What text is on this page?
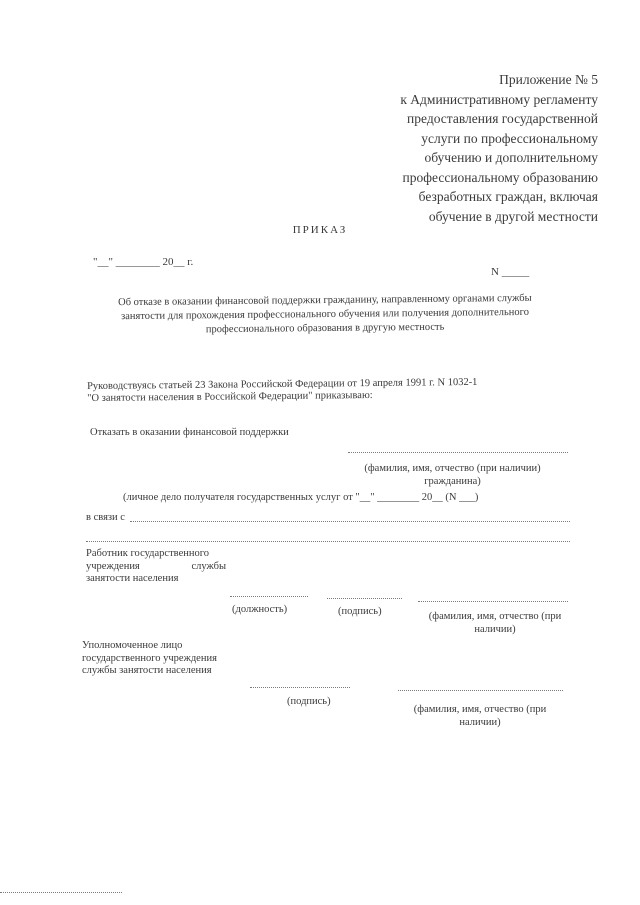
Приложение № 5
к Административному регламенту
предоставления государственной
услуги по профессиональному
обучению и дополнительному
профессиональному образованию
безработных граждан, включая
обучение в другой местности
ПРИКАЗ
"__" ________ 20__ г.
N _____
Об отказе в оказании финансовой поддержки гражданину, направленному органами службы занятости для прохождения профессионального обучения или получения дополнительного профессионального образования в другую местность
Руководствуясь статьей 23 Закона Российской Федерации от 19 апреля 1991 г. N 1032-1
"О занятости населения в Российской Федерации" приказываю:
Отказать в оказании финансовой поддержки
(фамилия, имя, отчество (при наличии) гражданина)
(личное дело получателя государственных услуг от "__" ________ 20__ (N ___)
в связи с
Работник государственного
учреждения службы
занятости населения
(должность)	(подпись)	(фамилия, имя, отчество (при наличии)
Уполномоченное лицо
государственного учреждения
службы занятости населения
(подпись)
(фамилия, имя, отчество (при наличии)
